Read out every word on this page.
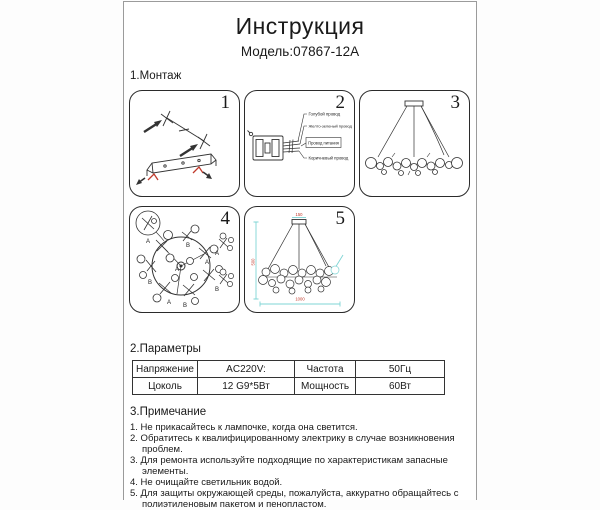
Инструкция
Модель:07867-12A
1.Монтаж
1	2
Голубой провод
Желто-зеленый провод
Провод питания
Коричневый провод
3
4
A
B
A
B
A
A B
A
B
5
150
500
1000
2.Параметры
Напряжение	AC220V:	Частота	50Гц
Цоколь	12 G9*5Вт	Мощность	60Вт
3.Примечание
1. Не прикасайтесь к лампочке, когда она светится.
2. Обратитесь к квалифицированному электрику в случае возникновения проблем.
3. Для ремонта используйте подходящие по характеристикам запасные элементы.
4. Не очищайте светильник водой.
5. Для защиты окружающей среды, пожалуйста, аккуратно обращайтесь с полиэтиленовым пакетом и пенопластом.
